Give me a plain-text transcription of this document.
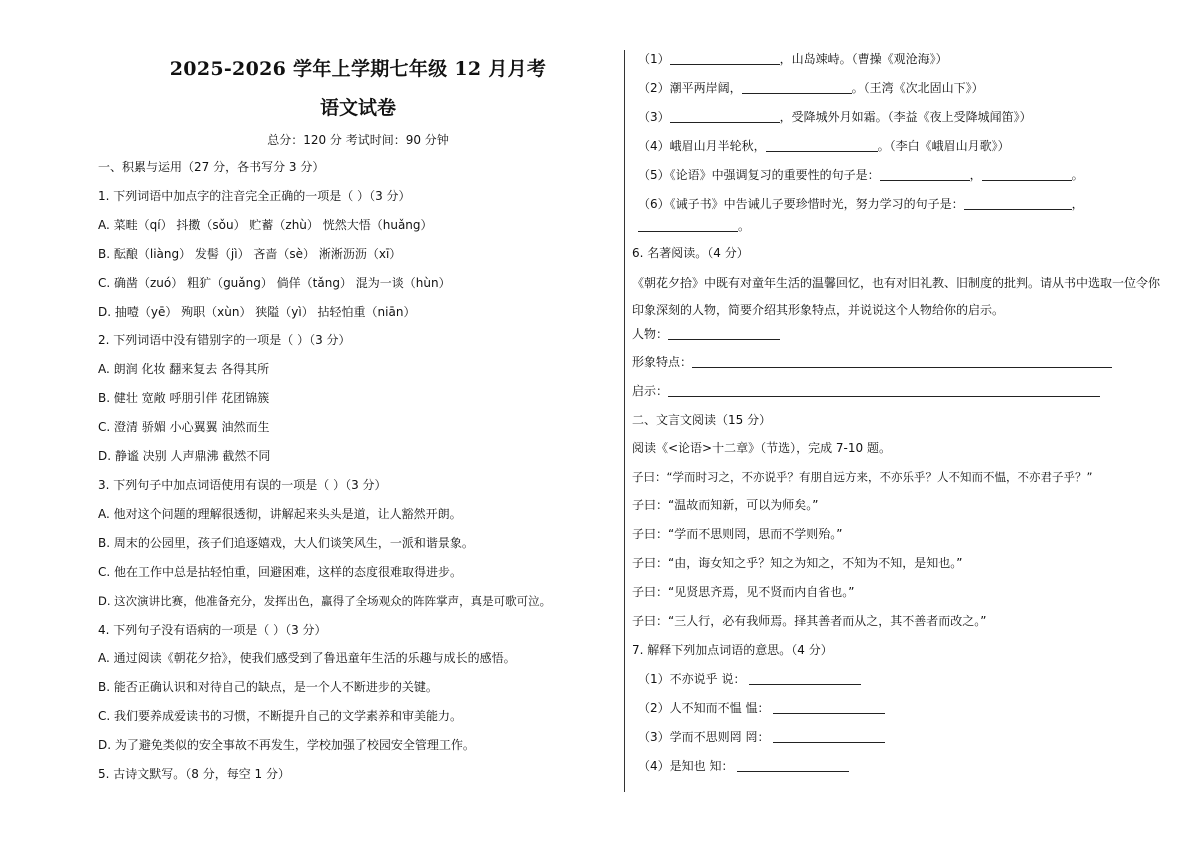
2025-2026 学年上学期七年级 12 月月考
语文试卷
总分：120 分 考试时间：90 分钟
一、积累与运用（27 分，各书写分 3 分）
1. 下列词语中加点字的注音完全正确的一项是（ ）（3 分）
A. 菜畦（qí） 抖擞（sǒu） 贮蓄（zhù） 恍然大悟（huǎng）
B. 酝酿（liàng） 发髻（jì） 吝啬（sè） 淅淅沥沥（xī）
C. 确凿（zuó） 粗犷（guǎng） 倘佯（tǎng） 混为一谈（hùn）
D. 抽噎（yē） 殉职（xùn） 狭隘（yì） 拈轻怕重（niān）
2. 下列词语中没有错别字的一项是（ ）（3 分）
A. 朗润 化妆 翻来复去 各得其所
B. 健壮 宽敞 呼朋引伴 花团锦簇
C. 澄清 骄媚 小心翼翼 油然而生
D. 静谧 决别 人声鼎沸 截然不同
3. 下列句子中加点词语使用有误的一项是（ ）（3 分）
A. 他对这个问题的理解很透彻，讲解起来头头是道，让人豁然开朗。
B. 周末的公园里，孩子们追逐嬉戏，大人们谈笑风生，一派和谐景象。
C. 他在工作中总是拈轻怕重，回避困难，这样的态度很难取得进步。
D. 这次演讲比赛，他准备充分，发挥出色，赢得了全场观众的阵阵掌声，真是可歌可泣。
4. 下列句子没有语病的一项是（ ）（3 分）
A. 通过阅读《朝花夕拾》，使我们感受到了鲁迅童年生活的乐趣与成长的感悟。
B. 能否正确认识和对待自己的缺点，是一个人不断进步的关键。
C. 我们要养成爱读书的习惯，不断提升自己的文学素养和审美能力。
D. 为了避免类似的安全事故不再发生，学校加强了校园安全管理工作。
5. 古诗文默写。（8 分，每空 1 分）
（1）	，山岛竦峙。（曹操《观沧海》）
（2）潮平两岸阔，	。（王湾《次北固山下》）
（3）	，受降城外月如霜。（李益《夜上受降城闻笛》）
（4）峨眉山月半轮秋，	。（李白《峨眉山月歌》）
（5）《论语》中强调复习的重要性的句子是：	，	。
（6）《诫子书》中告诫儿子要珍惜时光，努力学习的句子是：	，
。
6. 名著阅读。（4 分）
《朝花夕拾》中既有对童年生活的温馨回忆，也有对旧礼教、旧制度的批判。请从书中选取一位令你印象深刻的人物，简要介绍其形象特点，并说说这个人物给你的启示。
人物：
形象特点：
启示：
二、文言文阅读（15 分）
阅读《<论语>十二章》（节选），完成 7-10 题。
子曰：“学而时习之，不亦说乎？有朋自远方来，不亦乐乎？人不知而不愠，不亦君子乎？”
子曰：“温故而知新，可以为师矣。”
子曰：“学而不思则罔，思而不学则殆。”
子曰：“由，诲女知之乎？知之为知之，不知为不知，是知也。”
子曰：“见贤思齐焉，见不贤而内自省也。”
子曰：“三人行，必有我师焉。择其善者而从之，其不善者而改之。”
7. 解释下列加点词语的意思。（4 分）
（1）不亦说乎 说：
（2）人不知而不愠 愠：
（3）学而不思则罔 罔：
（4）是知也 知：
